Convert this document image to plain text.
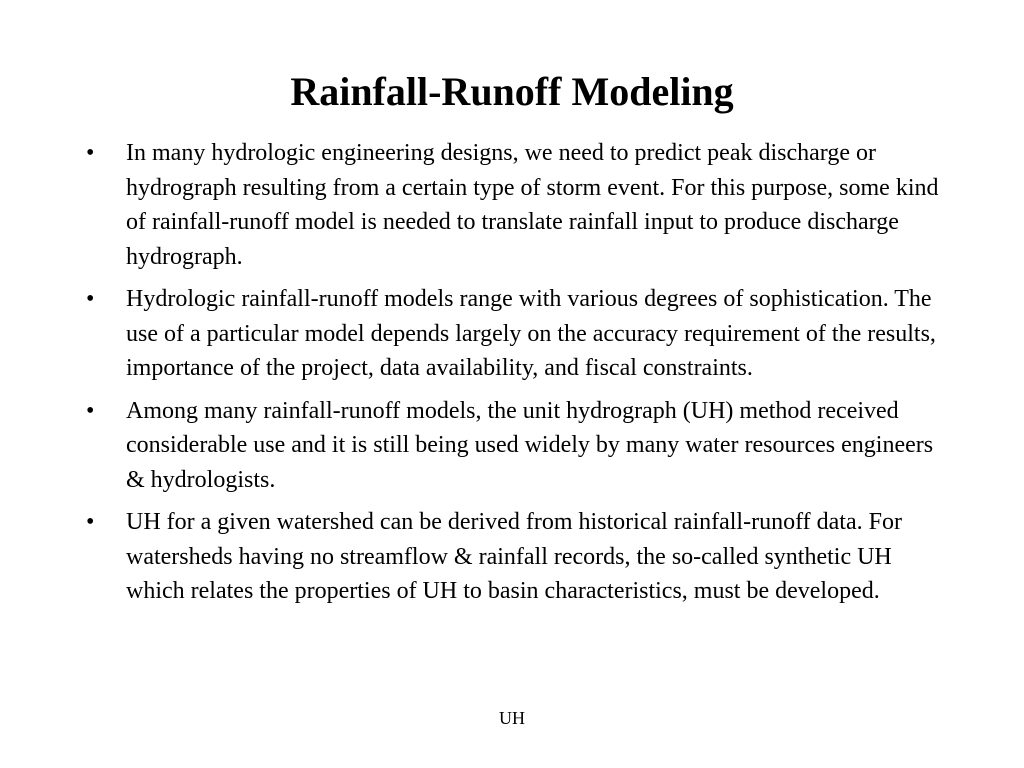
Rainfall-Runoff Modeling
•	In many hydrologic engineering designs, we need to predict peak discharge or hydrograph resulting from a certain type of storm event. For this purpose, some kind of rainfall-runoff model is needed to translate rainfall input to produce discharge hydrograph.
•	Hydrologic rainfall-runoff models range with various degrees of sophistication. The use of a particular model depends largely on the accuracy requirement of the results, importance of the project, data availability, and fiscal constraints.
•	Among many rainfall-runoff models, the unit hydrograph (UH) method received considerable use and it is still being used widely by many water resources engineers & hydrologists.
•	UH for a given watershed can be derived from historical rainfall-runoff data. For watersheds having no streamflow & rainfall records, the so-called synthetic UH which relates the properties of UH to basin characteristics, must be developed.
UH
